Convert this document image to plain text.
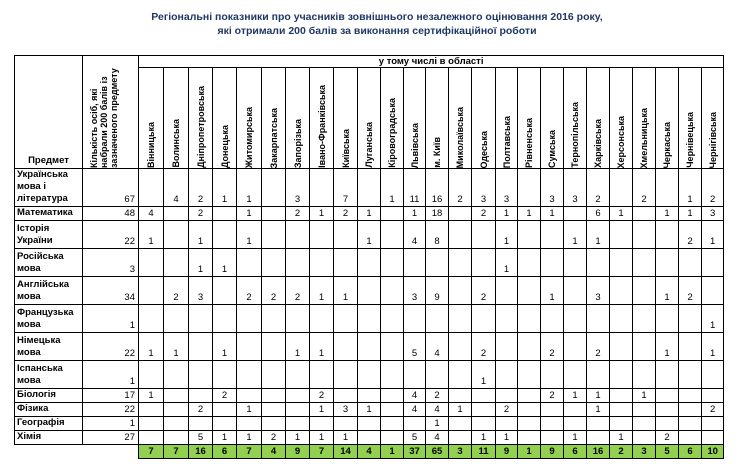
Регіональні показники про учасників зовнішнього незалежного оцінювання 2016 року,
які отримали 200 балів за виконання сертифікаційної роботи
Предмет	Кількість осіб, які набрали 200 балів із зазначеного предмету	у тому числі в області																								

		Вінницька	Волинська	Дніпропетровська	Донецька	Житомирська	Закарпатська	Запорізька	Івано-Франківська	Київська	Луганська	Кіровоградська	Львівська	м. Київ	Миколаївська	Одеська	Полтавська	Рівненська	Сумська	Тернопільська	Харківська	Херсонська	Хмельницька	Черкаська	Чернівецька	Чернігівська

Українська мова і література	67		4	2	1	1		3		7		1	11	16	2	3	3		3	3	2		2		1	2
Математика	48	4		2		1		2	1	2	1		1	18		2	1	1	1		6	1		1	1	3
Історія України	22	1		1		1					1		4	8			1			1	1				2	1
Російська мова	3			1	1												1									
Англійська мова	34		2	3		2	2	2	1	1			3	9		2			1		3			1	2	
Французька мова	1																									1
Німецька мова	22	1	1		1			1	1				5	4		2			2		2			1		1
Іспанська мова	1															1										
Біологія	17	1			2				2				4	2					2	1	1		1			
Фізика	22			2		1			1	3	1		4	4	1		2				1					2
Географія	1													1												
Хімія	27			5	1	1	2	1	1	1			5	4		1	1			1		1		2		
		7	7	16	6	7	4	9	7	14	4	1	37	65	3	11	9	1	9	6	16	2	3	5	6	10
